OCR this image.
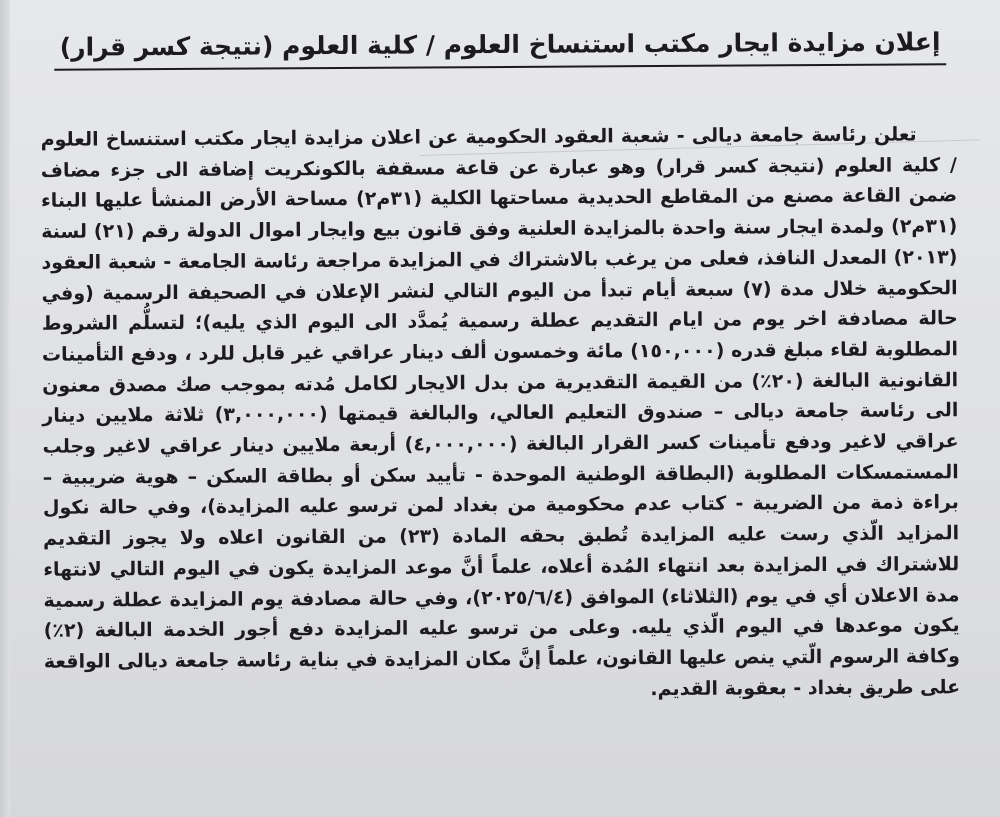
إعلان مزايدة ايجار مكتب استنساخ العلوم / كلية العلوم (نتيجة كسر قرار)

تعلن رئاسة جامعة ديالى - شعبة العقود الحكومية عن اعلان مزايدة ايجار مكتب استنساخ العلوم / كلية العلوم (نتيجة كسر قرار) وهو عبارة عن قاعة مسقفة بالكونكريت إضافة الى جزء مضاف ضمن القاعة مصنع من المقاطع الحديدية مساحتها الكلية (٣١م٢) مساحة الأرض المنشأ عليها البناء (٣١م٢) ولمدة ايجار سنة واحدة بالمزايدة العلنية وفق قانون بيع وايجار اموال الدولة رقم (٢١) لسنة (٢٠١٣) المعدل النافذ، فعلى من يرغب بالاشتراك في المزايدة مراجعة رئاسة الجامعة - شعبة العقود الحكومية خلال مدة (٧) سبعة أيام تبدأ من اليوم التالي لنشر الإعلان في الصحيفة الرسمية (وفي حالة مصادفة اخر يوم من ايام التقديم عطلة رسمية يُمدَّد الى اليوم الذي يليه)؛ لتسلُّم الشروط المطلوبة لقاء مبلغ قدره (١٥٠,٠٠٠) مائة وخمسون ألف دينار عراقي غير قابل للرد ، ودفع التأمينات القانونية البالغة (٢٠٪) من القيمة التقديرية من بدل الايجار لكامل مُدته بموجب صك مصدق معنون الى رئاسة جامعة ديالى – صندوق التعليم العالي، والبالغة قيمتها (٣,٠٠٠,٠٠٠) ثلاثة ملايين دينار عراقي لاغير ودفع تأمينات كسر القرار البالغة (٤,٠٠٠,٠٠٠) أربعة ملايين دينار عراقي لاغير وجلب المستمسكات المطلوبة (البطاقة الوطنية الموحدة - تأييد سكن أو بطاقة السكن – هوية ضريبية – براءة ذمة من الضريبة - كتاب عدم محكومية من بغداد لمن ترسو عليه المزايدة)، وفي حالة نكول المزايد الّذي رست عليه المزايدة تُطبق بحقه المادة (٢٣) من القانون اعلاه ولا يجوز التقديم للاشتراك في المزايدة بعد انتهاء المُدة أعلاه، علماً أنَّ موعد المزايدة يكون في اليوم التالي لانتهاء مدة الاعلان أي في يوم (الثلاثاء) الموافق (٢٠٢٥/٦/٤)، وفي حالة مصادفة يوم المزايدة عطلة رسمية يكون موعدها في اليوم الّذي يليه. وعلى من ترسو عليه المزايدة دفع أجور الخدمة البالغة (٢٪) وكافة الرسوم الّتي ينص عليها القانون، علماً إنَّ مكان المزايدة في بناية رئاسة جامعة ديالى الواقعة على طريق بغداد - بعقوبة القديم.
